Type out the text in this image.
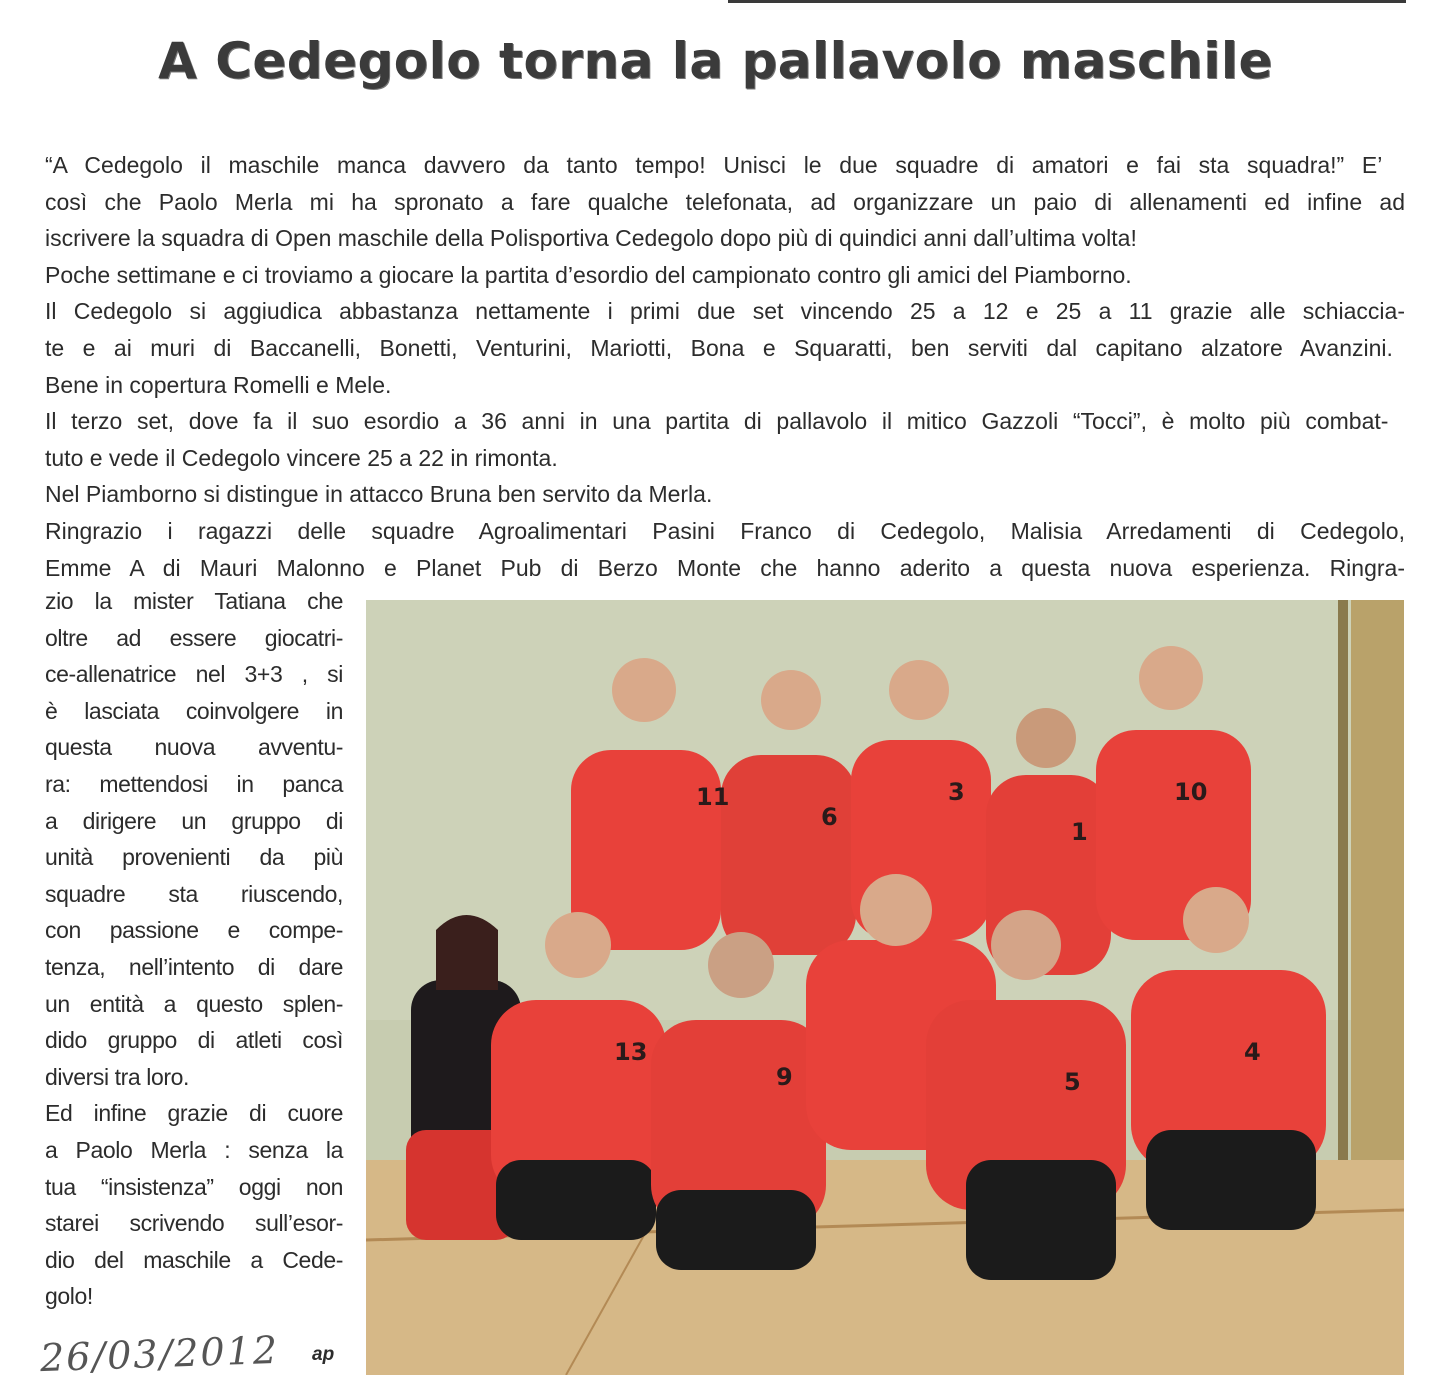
A Cedegolo torna la pallavolo maschile
“A Cedegolo il maschile manca davvero da tanto tempo! Unisci le due squadre di amatori e fai sta squadra!” E’
così che Paolo Merla mi ha spronato a fare qualche telefonata, ad organizzare un paio di allenamenti ed infine ad
iscrivere la squadra di Open maschile della Polisportiva Cedegolo dopo più di quindici anni dall’ultima volta!
Poche settimane e ci troviamo a giocare la partita d’esordio del campionato contro gli amici del Piamborno.
Il Cedegolo si aggiudica abbastanza nettamente i primi due set vincendo 25 a 12 e 25 a 11 grazie alle schiaccia-
te e ai muri di Baccanelli, Bonetti, Venturini, Mariotti, Bona e Squaratti, ben serviti dal capitano alzatore Avanzini.
Bene in copertura Romelli e Mele.
Il terzo set, dove fa il suo esordio a 36 anni in una partita di pallavolo il mitico Gazzoli “Tocci”, è molto più combat-
tuto e vede il Cedegolo vincere 25 a 22 in rimonta.
Nel Piamborno si distingue in attacco Bruna ben servito da Merla.
Ringrazio i ragazzi delle squadre Agroalimentari Pasini Franco di Cedegolo, Malisia Arredamenti di Cedegolo,
Emme A di Mauri Malonno e Planet Pub di Berzo Monte che hanno aderito a questa nuova esperienza. Ringra-
zio la mister Tatiana che
oltre ad essere giocatri-
ce-allenatrice nel 3+3 , si
è lasciata coinvolgere in
questa nuova avventu-
ra: mettendosi in panca
a dirigere un gruppo di
unità provenienti da più
squadre sta riuscendo,
con passione e compe-
tenza, nell’intento di dare
un entità a questo splen-
dido gruppo di atleti così
diversi tra loro.
Ed infine grazie di cuore
a Paolo Merla : senza la
tua “insistenza” oggi non
starei scrivendo sull’esor-
dio del maschile a Cede-
golo!
11
6
3
1
10
13
9	5
4
26/03/2012 ap
